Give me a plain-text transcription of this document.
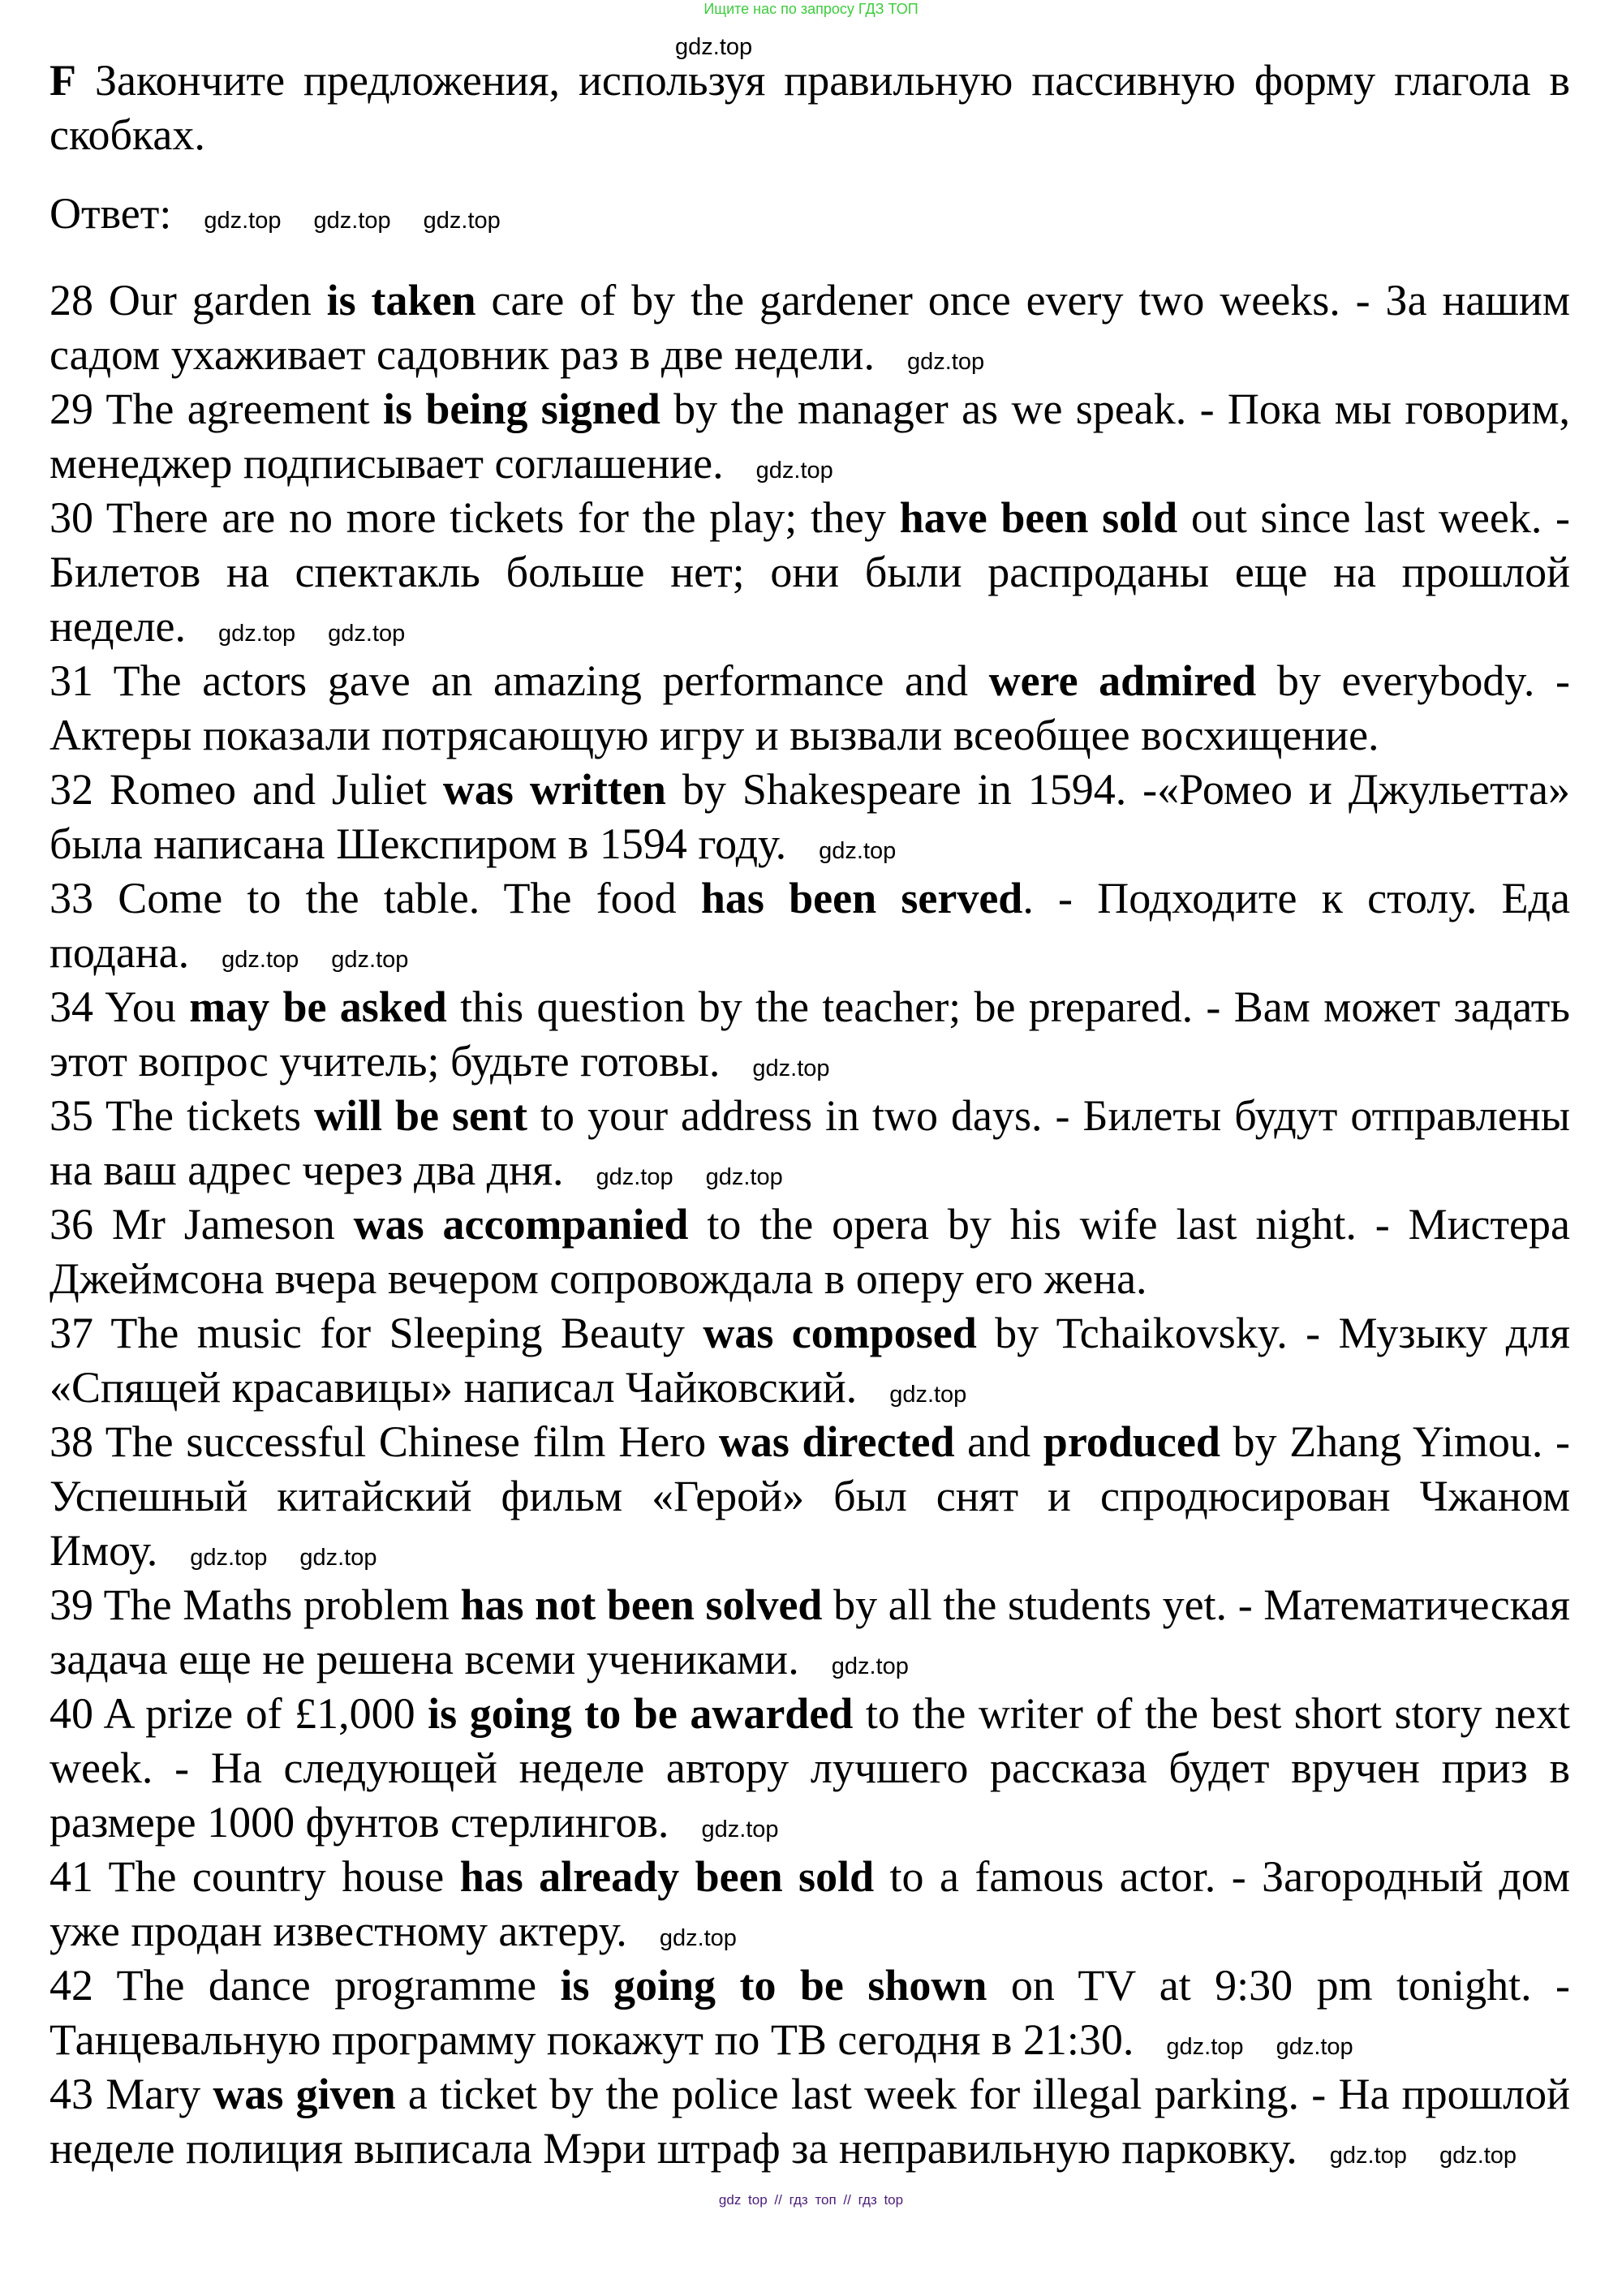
Ищите нас по запросу ГДЗ ТОП
gdz.top

F Закончите предложения, используя правильную пассивную форму глагола в скобках.

Ответ: gdz.top gdz.top gdz.top

28 Our garden is taken care of by the gardener once every two weeks. - За нашим садом ухаживает садовник раз в две недели. gdz.top

29 The agreement is being signed by the manager as we speak. - Пока мы говорим, менеджер подписывает соглашение. gdz.top

30 There are no more tickets for the play; they have been sold out since last week. - Билетов на спектакль больше нет; они были распроданы еще на прошлой неделе. gdz.top gdz.top

31 The actors gave an amazing performance and were admired by everybody. - Актеры показали потрясающую игру и вызвали всеобщее восхищение.

32 Romeo and Juliet was written by Shakespeare in 1594. -«Ромео и Джульетта» была написана Шекспиром в 1594 году. gdz.top

33 Come to the table. The food has been served. - Подходите к столу. Еда подана. gdz.top gdz.top

34 You may be asked this question by the teacher; be prepared. - Вам может задать этот вопрос учитель; будьте готовы. gdz.top

35 The tickets will be sent to your address in two days. - Билеты будут отправлены на ваш адрес через два дня. gdz.top gdz.top

36 Mr Jameson was accompanied to the opera by his wife last night. - Мистера Джеймсона вчера вечером сопровождала в оперу его жена.

37 The music for Sleeping Beauty was composed by Tchaikovsky. - Музыку для «Спящей красавицы» написал Чайковский. gdz.top

38 The successful Chinese film Hero was directed and produced by Zhang Yimou. - Успешный китайский фильм «Герой» был снят и спродюсирован Чжаном Имоу. gdz.top gdz.top

39 The Maths problem has not been solved by all the students yet. - Математическая задача еще не решена всеми учениками. gdz.top

40 A prize of £1,000 is going to be awarded to the writer of the best short story next week. - На следующей неделе автору лучшего рассказа будет вручен приз в размере 1000 фунтов стерлингов. gdz.top

41 The country house has already been sold to a famous actor. - Загородный дом уже продан известному актеру. gdz.top

42 The dance programme is going to be shown on TV at 9:30 pm tonight. - Танцевальную программу покажут по ТВ сегодня в 21:30. gdz.top gdz.top

43 Mary was given a ticket by the police last week for illegal parking. - На прошлой неделе полиция выписала Мэри штраф за неправильную парковку. gdz.top gdz.top

gdz top // гдз топ // гдз top
